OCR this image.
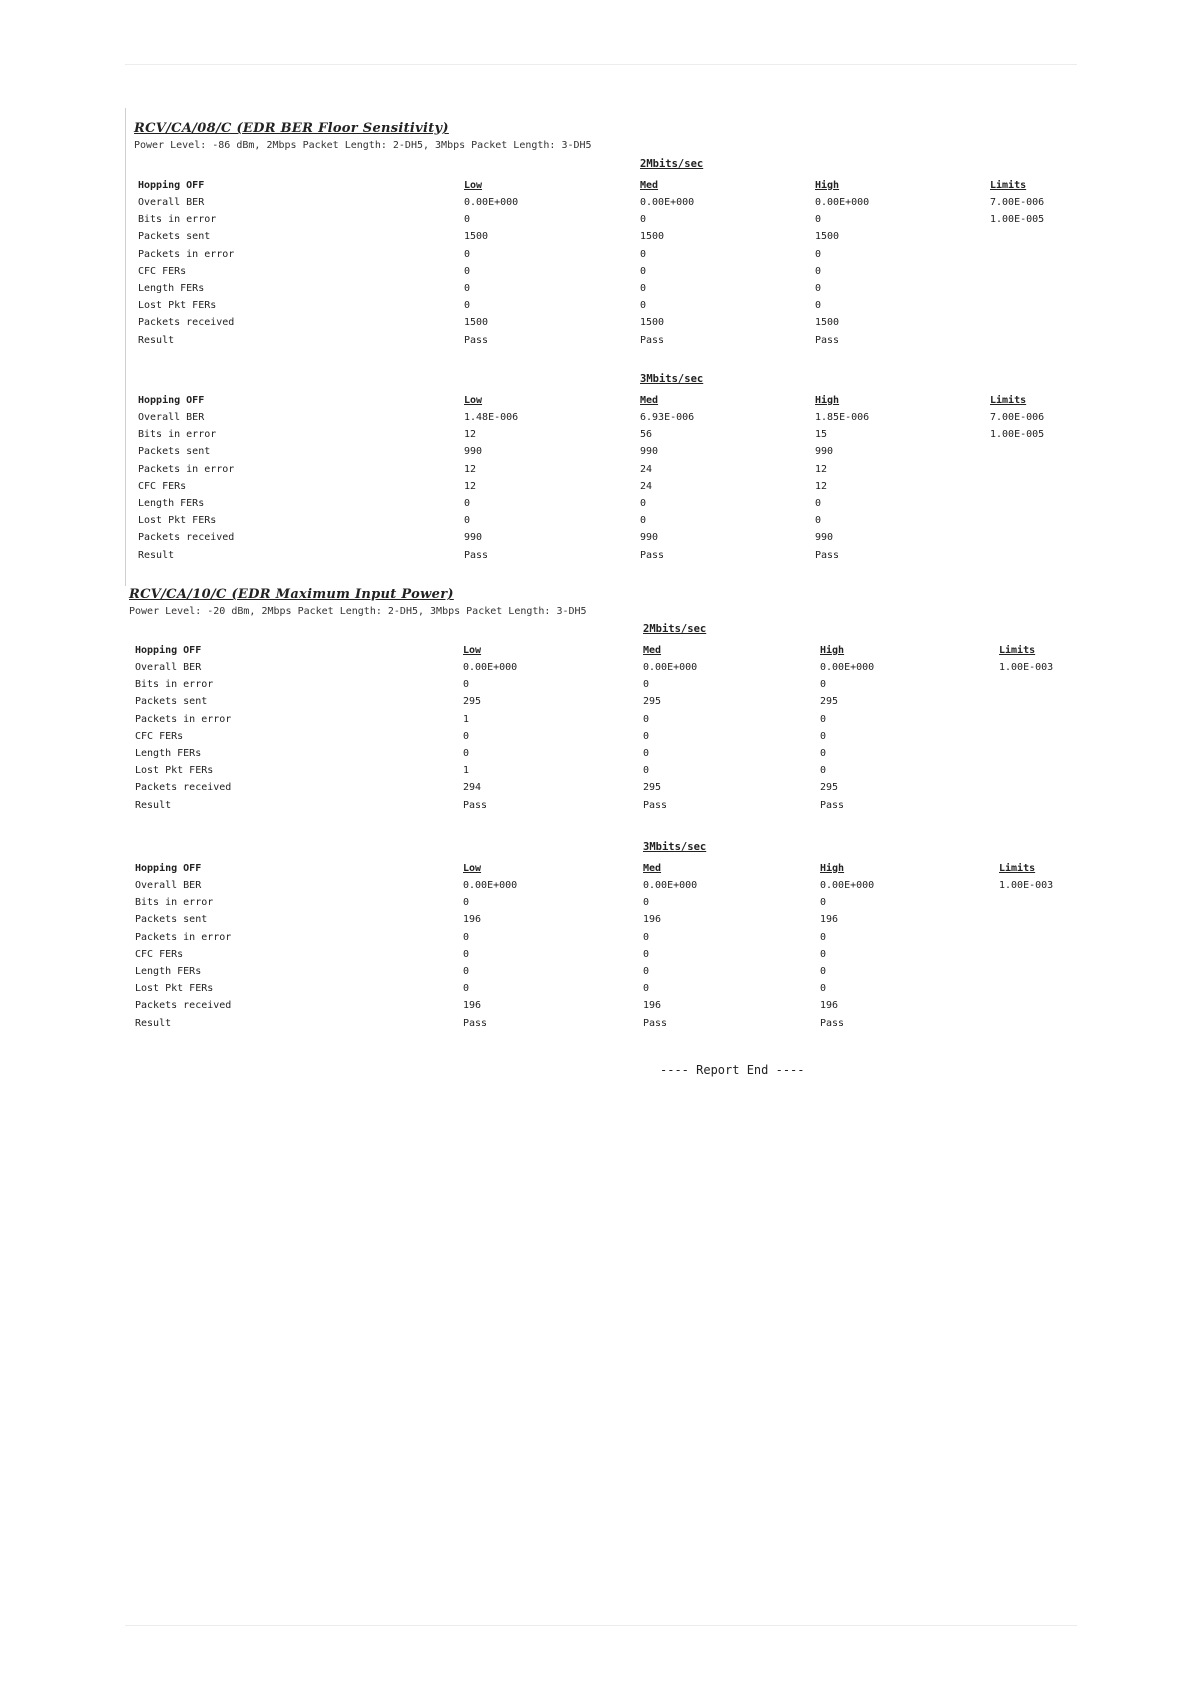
RCV/CA/08/C (EDR BER Floor Sensitivity)
Power Level: -86 dBm, 2Mbps Packet Length: 2-DH5, 3Mbps Packet Length: 3-DH5
2Mbits/sec
Hopping OFF	Low	Med	High	Limits
Overall BER	0.00E+000	0.00E+000	0.00E+000	7.00E-006
Bits in error	0	0	0	1.00E-005
Packets sent	1500	1500	1500
Packets in error	0	0	0
CFC FERs	0	0	0
Length FERs	0	0	0
Lost Pkt FERs	0	0	0
Packets received	1500	1500	1500
Result	Pass	Pass	Pass
3Mbits/sec
Hopping OFF	Low	Med	High	Limits
Overall BER	1.48E-006	6.93E-006	1.85E-006	7.00E-006
Bits in error	12	56	15	1.00E-005
Packets sent	990	990	990
Packets in error	12	24	12
CFC FERs	12	24	12
Length FERs	0	0	0
Lost Pkt FERs	0	0	0
Packets received	990	990	990
Result	Pass	Pass	Pass
RCV/CA/10/C (EDR Maximum Input Power)
Power Level: -20 dBm, 2Mbps Packet Length: 2-DH5, 3Mbps Packet Length: 3-DH5
2Mbits/sec
Hopping OFF	Low	Med	High	Limits
Overall BER	0.00E+000	0.00E+000	0.00E+000	1.00E-003
Bits in error	0	0	0
Packets sent	295	295	295
Packets in error	1	0	0
CFC FERs	0	0	0
Length FERs	0	0	0
Lost Pkt FERs	1	0	0
Packets received	294	295	295
Result	Pass	Pass	Pass
3Mbits/sec
Hopping OFF	Low	Med	High	Limits
Overall BER	0.00E+000	0.00E+000	0.00E+000	1.00E-003
Bits in error	0	0	0
Packets sent	196	196	196
Packets in error	0	0	0
CFC FERs	0	0	0
Length FERs	0	0	0
Lost Pkt FERs	0	0	0
Packets received	196	196	196
Result	Pass	Pass	Pass
---- Report End ----
